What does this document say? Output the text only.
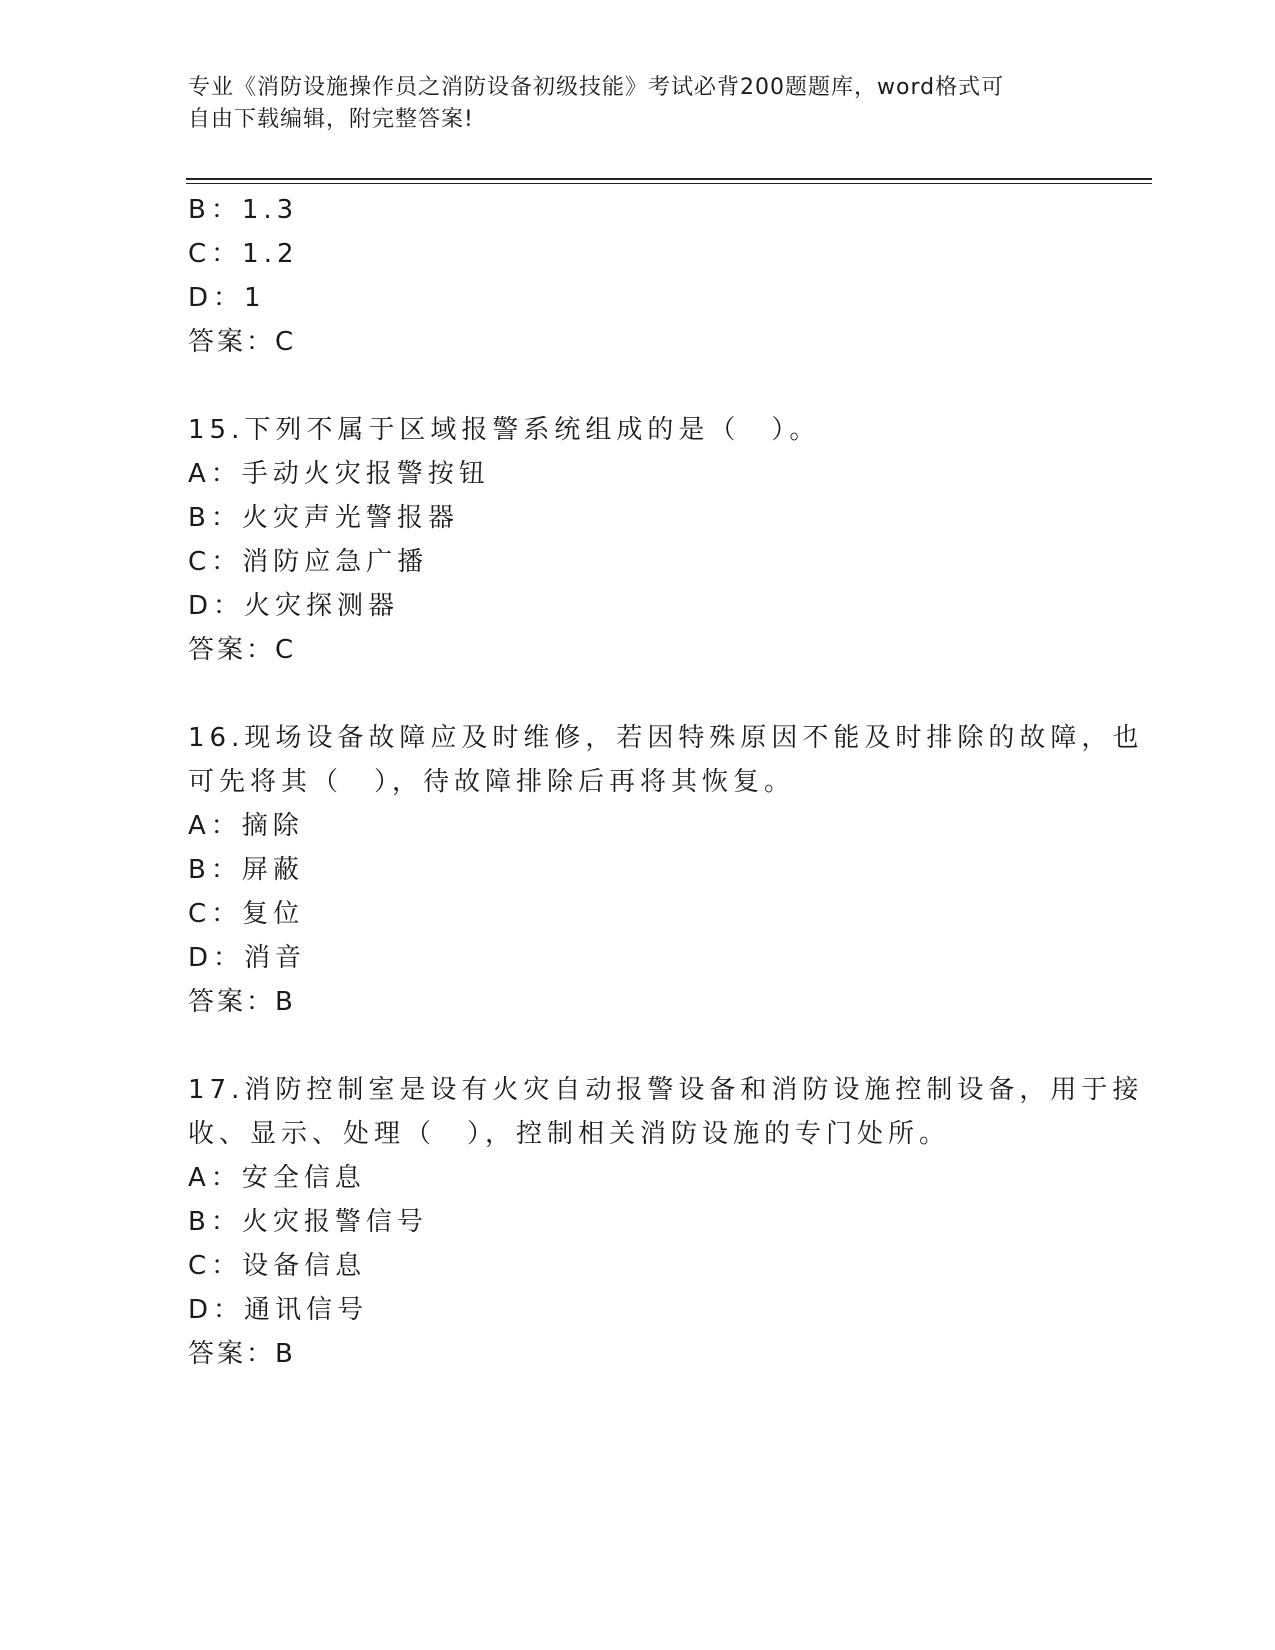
专业《消防设施操作员之消防设备初级技能》考试必背200题题库，word格式可
自由下载编辑，附完整答案!
B：1.3
C：1.2
D：1
答案：C
15.下列不属于区域报警系统组成的是（　）。
A：手动火灾报警按钮
B：火灾声光警报器
C：消防应急广播
D：火灾探测器
答案：C
16.现场设备故障应及时维修，若因特殊原因不能及时排除的故障，也
可先将其（　），待故障排除后再将其恢复。
A：摘除
B：屏蔽
C：复位
D：消音
答案：B
17.消防控制室是设有火灾自动报警设备和消防设施控制设备，用于接
收、显示、处理（　），控制相关消防设施的专门处所。
A：安全信息
B：火灾报警信号
C：设备信息
D：通讯信号
答案：B
